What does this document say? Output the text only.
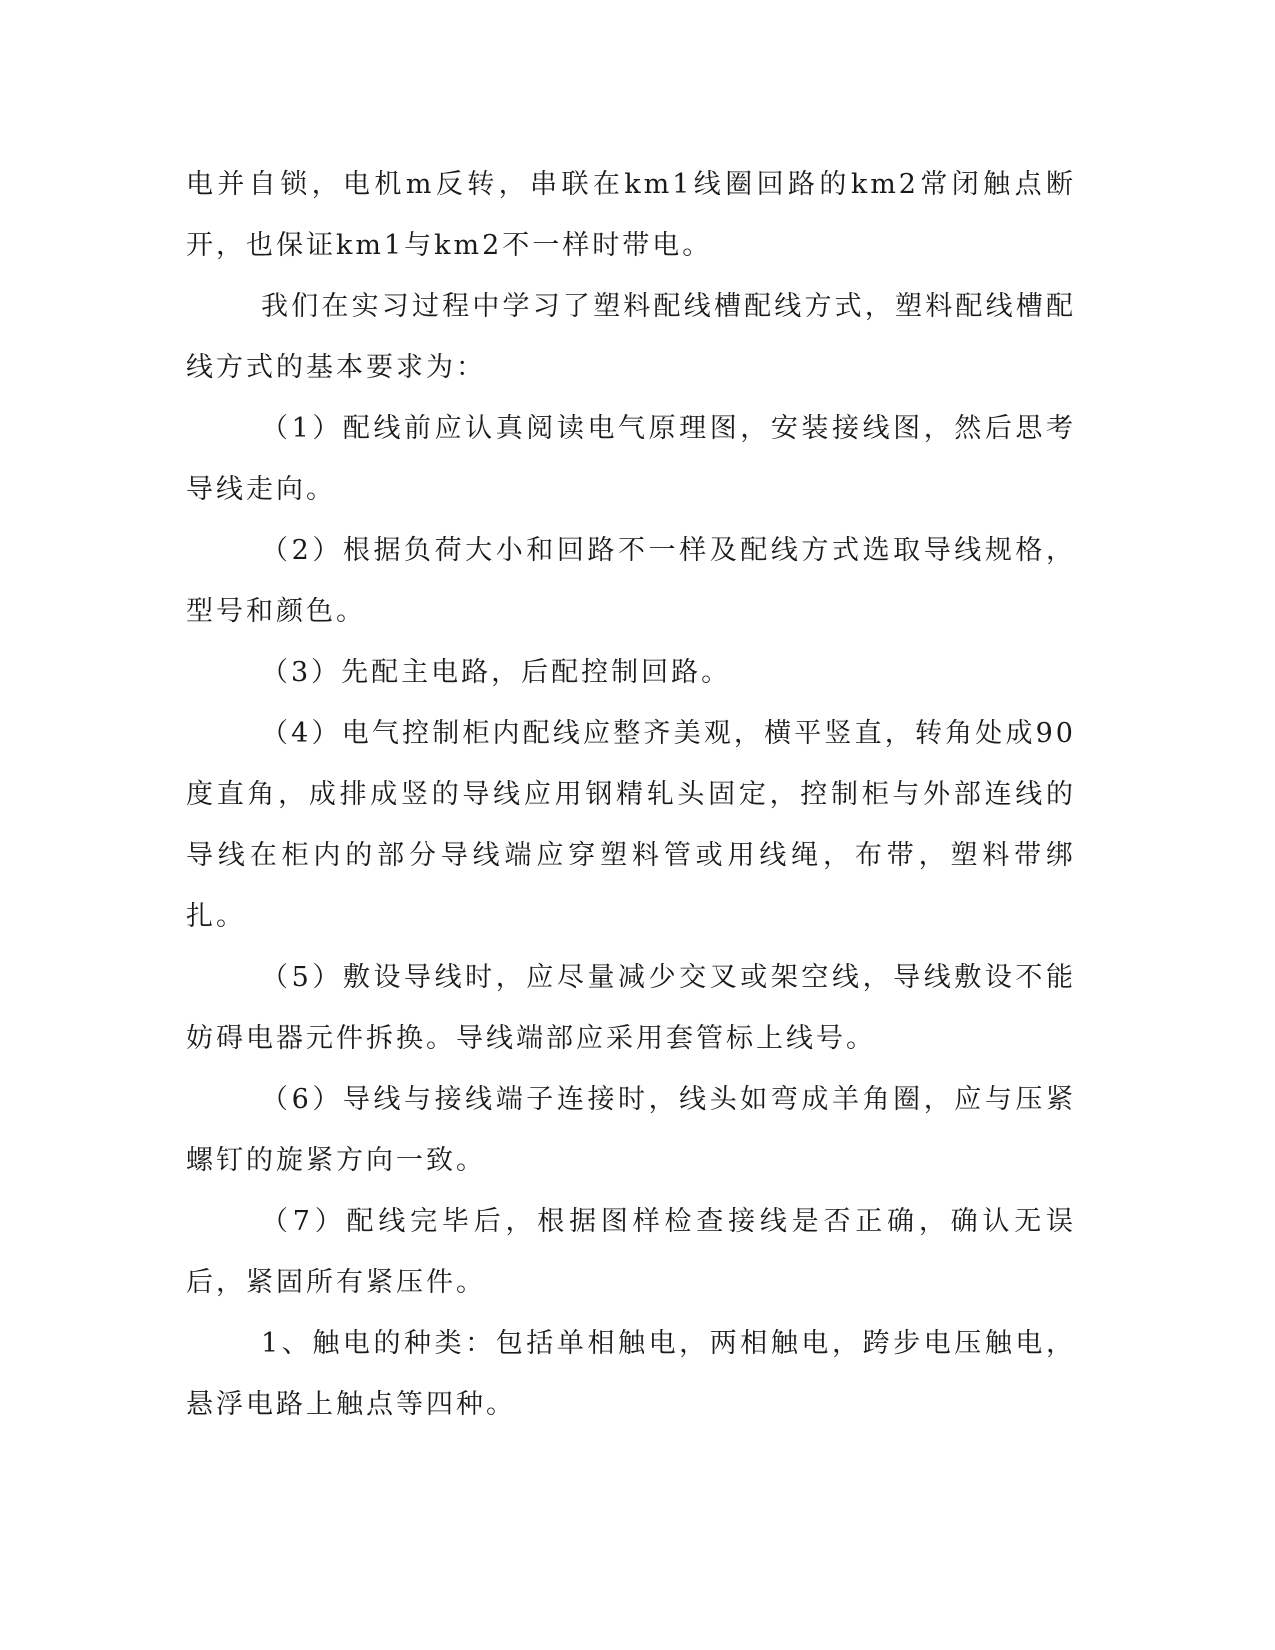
电并自锁，电机m反转，串联在km1线圈回路的km2常闭触点断开，也保证km1与km2不一样时带电。

我们在实习过程中学习了塑料配线槽配线方式，塑料配线槽配线方式的基本要求为：

（1）配线前应认真阅读电气原理图，安装接线图，然后思考导线走向。

（2）根据负荷大小和回路不一样及配线方式选取导线规格，型号和颜色。

（3）先配主电路，后配控制回路。

（4）电气控制柜内配线应整齐美观，横平竖直，转角处成90度直角，成排成竖的导线应用钢精轧头固定，控制柜与外部连线的导线在柜内的部分导线端应穿塑料管或用线绳，布带，塑料带绑扎。

（5）敷设导线时，应尽量减少交叉或架空线，导线敷设不能妨碍电器元件拆换。导线端部应采用套管标上线号。

（6）导线与接线端子连接时，线头如弯成羊角圈，应与压紧螺钉的旋紧方向一致。

（7）配线完毕后，根据图样检查接线是否正确，确认无误后，紧固所有紧压件。

1、触电的种类：包括单相触电，两相触电，跨步电压触电，悬浮电路上触点等四种。
